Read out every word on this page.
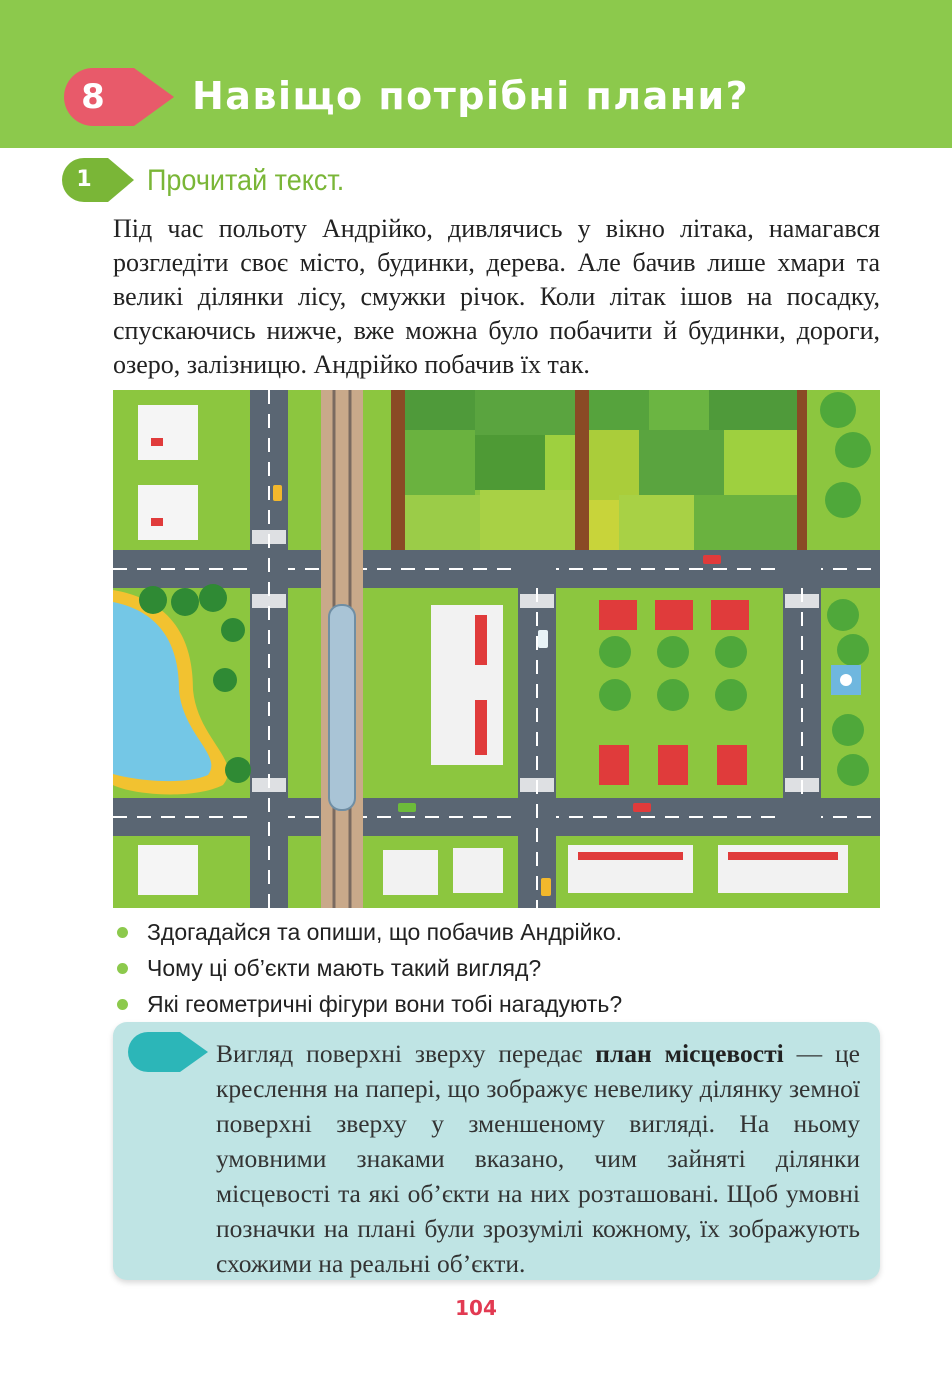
8	Навіщо потрібні плани?
1	Прочитай текст.

Під час польоту Андрійко, дивлячись у вікно літака, намагався розгледіти своє місто, будинки, дерева. Але бачив лише хмари та великі ділянки лісу, смужки річок. Коли літак ішов на посадку, спускаючись нижче, вже можна було побачити й будинки, дороги, озеро, залізницю. Андрійко побачив їх так.

Здогадайся та опиши, що побачив Андрійко.
Чому ці об’єкти мають такий вигляд?
Які геометричні фігури вони тобі нагадують?

Вигляд поверхні зверху передає план місцевості — це креслення на папері, що зображує невелику ділянку земної поверхні зверху у зменшеному вигляді. На ньому умовними знаками вказано, чим зайняті ділянки місцевості та які об’єкти на них розташовані. Щоб умовні позначки на плані були зрозумілі кожному, їх зображують схожими на реальні об’єкти.

104
